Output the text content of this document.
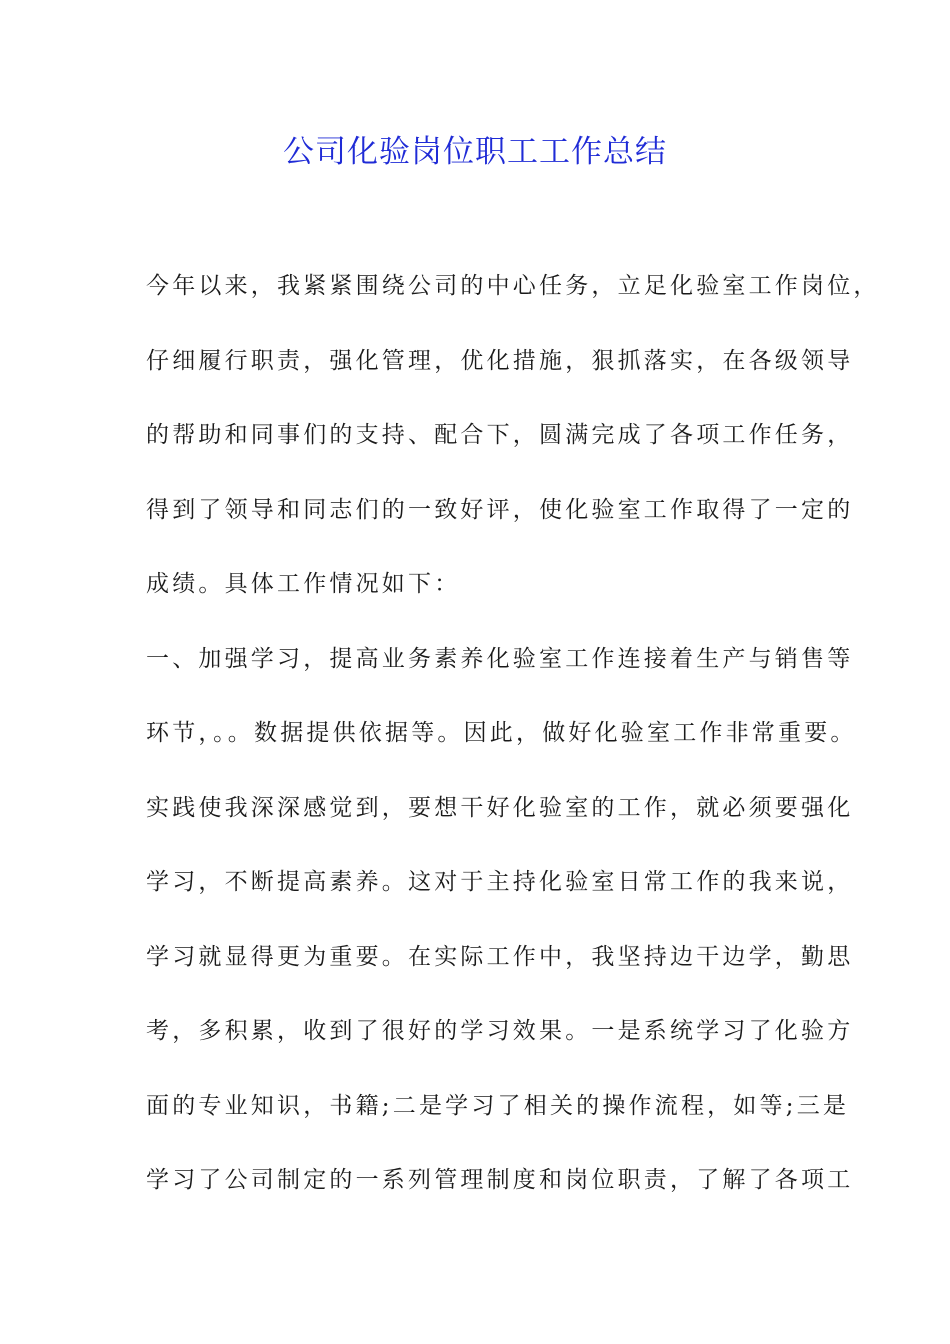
公司化验岗位职工工作总结
今年以来，我紧紧围绕公司的中心任务，立足化验室工作岗位，
仔细履行职责，强化管理，优化措施，狠抓落实，在各级领导
的帮助和同事们的支持、配合下，圆满完成了各项工作任务，
得到了领导和同志们的一致好评，使化验室工作取得了一定的
成绩。具体工作情况如下：
一、加强学习，提高业务素养化验室工作连接着生产与销售等
环节，。。数据提供依据等。因此，做好化验室工作非常重要。
实践使我深深感觉到，要想干好化验室的工作，就必须要强化
学习，不断提高素养。这对于主持化验室日常工作的我来说，
学习就显得更为重要。在实际工作中，我坚持边干边学，勤思
考，多积累，收到了很好的学习效果。一是系统学习了化验方
面的专业知识，书籍;二是学习了相关的操作流程，如等;三是
学习了公司制定的一系列管理制度和岗位职责，了解了各项工
